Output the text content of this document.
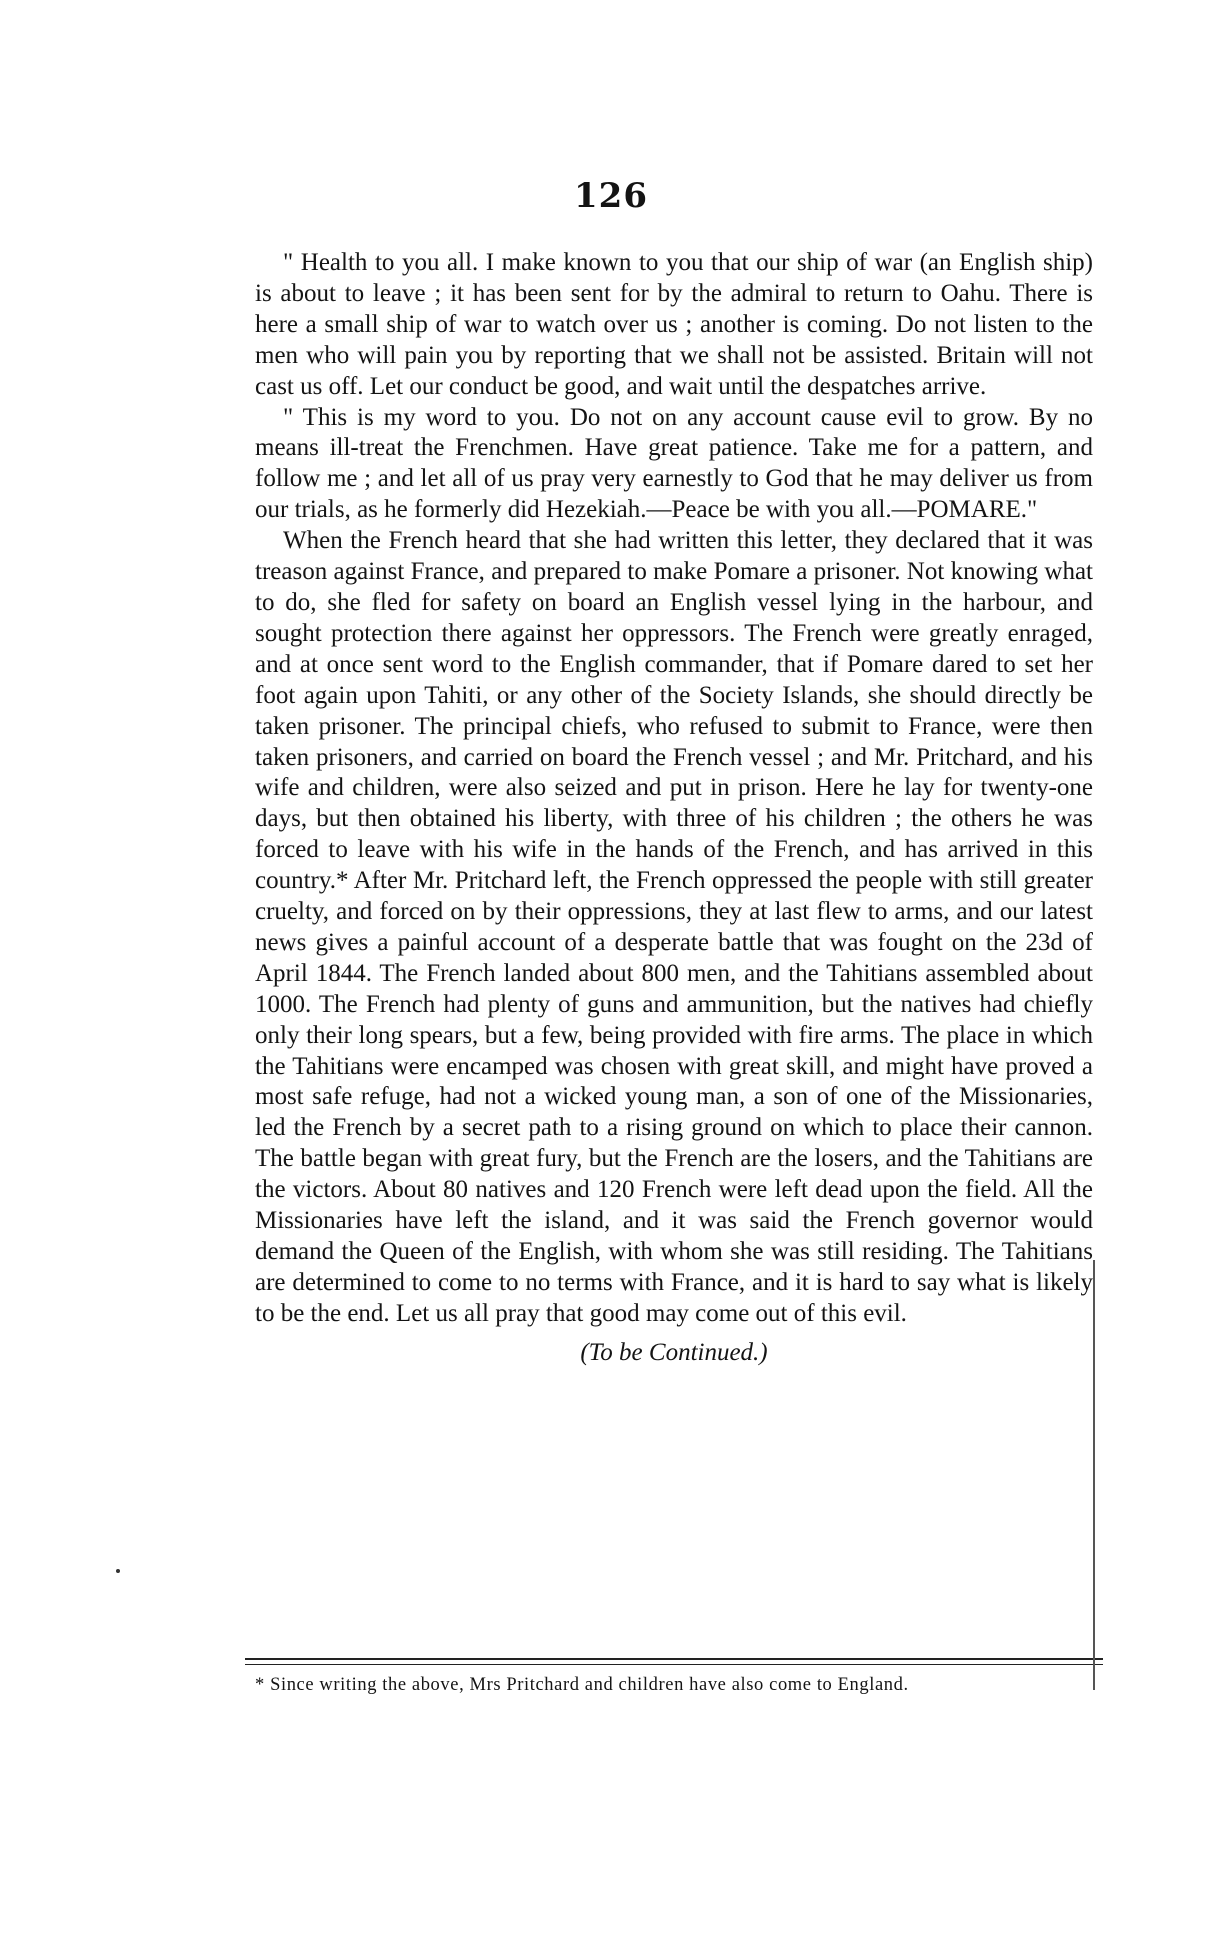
126

" Health to you all. I make known to you that our ship of war (an English ship) is about to leave ; it has been sent for by the admiral to return to Oahu. There is here a small ship of war to watch over us ; another is coming. Do not listen to the men who will pain you by reporting that we shall not be assisted. Britain will not cast us off. Let our conduct be good, and wait until the despatches arrive.

" This is my word to you. Do not on any account cause evil to grow. By no means ill-treat the Frenchmen. Have great patience. Take me for a pattern, and follow me ; and let all of us pray very earnestly to God that he may deliver us from our trials, as he formerly did Hezekiah.—Peace be with you all.—POMARE."

When the French heard that she had written this letter, they declared that it was treason against France, and prepared to make Pomare a prisoner. Not knowing what to do, she fled for safety on board an English vessel lying in the harbour, and sought protection there against her oppressors. The French were greatly enraged, and at once sent word to the English commander, that if Pomare dared to set her foot again upon Tahiti, or any other of the Society Islands, she should directly be taken prisoner. The principal chiefs, who refused to submit to France, were then taken prisoners, and carried on board the French vessel ; and Mr. Pritchard, and his wife and children, were also seized and put in prison. Here he lay for twenty-one days, but then obtained his liberty, with three of his children ; the others he was forced to leave with his wife in the hands of the French, and has arrived in this country.* After Mr. Pritchard left, the French oppressed the people with still greater cruelty, and forced on by their oppressions, they at last flew to arms, and our latest news gives a painful account of a desperate battle that was fought on the 23d of April 1844. The French landed about 800 men, and the Tahitians assembled about 1000. The French had plenty of guns and ammunition, but the natives had chiefly only their long spears, but a few, being provided with fire arms. The place in which the Tahitians were encamped was chosen with great skill, and might have proved a most safe refuge, had not a wicked young man, a son of one of the Missionaries, led the French by a secret path to a rising ground on which to place their cannon. The battle began with great fury, but the French are the losers, and the Tahitians are the victors. About 80 natives and 120 French were left dead upon the field. All the Missionaries have left the island, and it was said the French governor would demand the Queen of the English, with whom she was still residing. The Tahitians are determined to come to no terms with France, and it is hard to say what is likely to be the end. Let us all pray that good may come out of this evil.

(To be Continued.)

* Since writing the above, Mrs Pritchard and children have also come to England.
